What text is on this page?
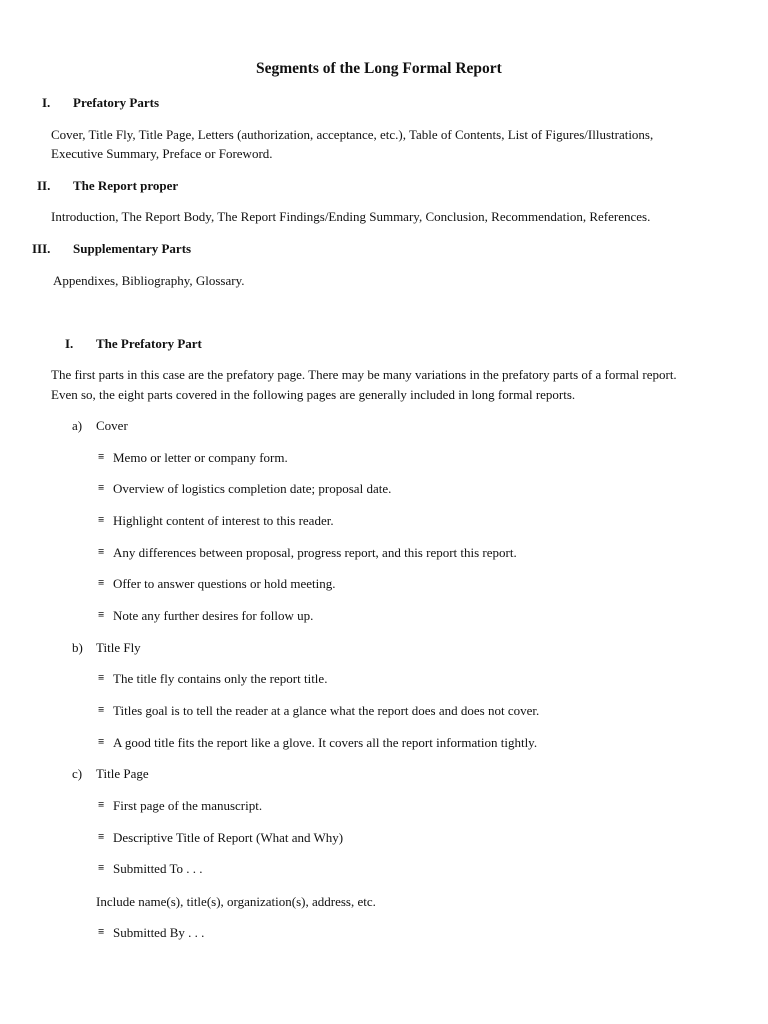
Segments of the Long Formal Report
I. Prefatory Parts
Cover, Title Fly, Title Page, Letters (authorization, acceptance, etc.), Table of Contents, List of Figures/Illustrations,
Executive Summary, Preface or Foreword.
II. The Report proper
Introduction, The Report Body, The Report Findings/Ending Summary, Conclusion, Recommendation, References.
III. Supplementary Parts
Appendixes, Bibliography, Glossary.
I. The Prefatory Part
The first parts in this case are the prefatory page. There may be many variations in the prefatory parts of a formal report.
Even so, the eight parts covered in the following pages are generally included in long formal reports.
a) Cover
≡ Memo or letter or company form.
≡ Overview of logistics completion date; proposal date.
≡ Highlight content of interest to this reader.
≡ Any differences between proposal, progress report, and this report this report.
≡ Offer to answer questions or hold meeting.
≡ Note any further desires for follow up.
b) Title Fly
≡ The title fly contains only the report title.
≡ Titles goal is to tell the reader at a glance what the report does and does not cover.
≡ A good title fits the report like a glove. It covers all the report information tightly.
c) Title Page
≡ First page of the manuscript.
≡ Descriptive Title of Report (What and Why)
≡ Submitted To . . .
Include name(s), title(s), organization(s), address, etc.
≡ Submitted By . . .
